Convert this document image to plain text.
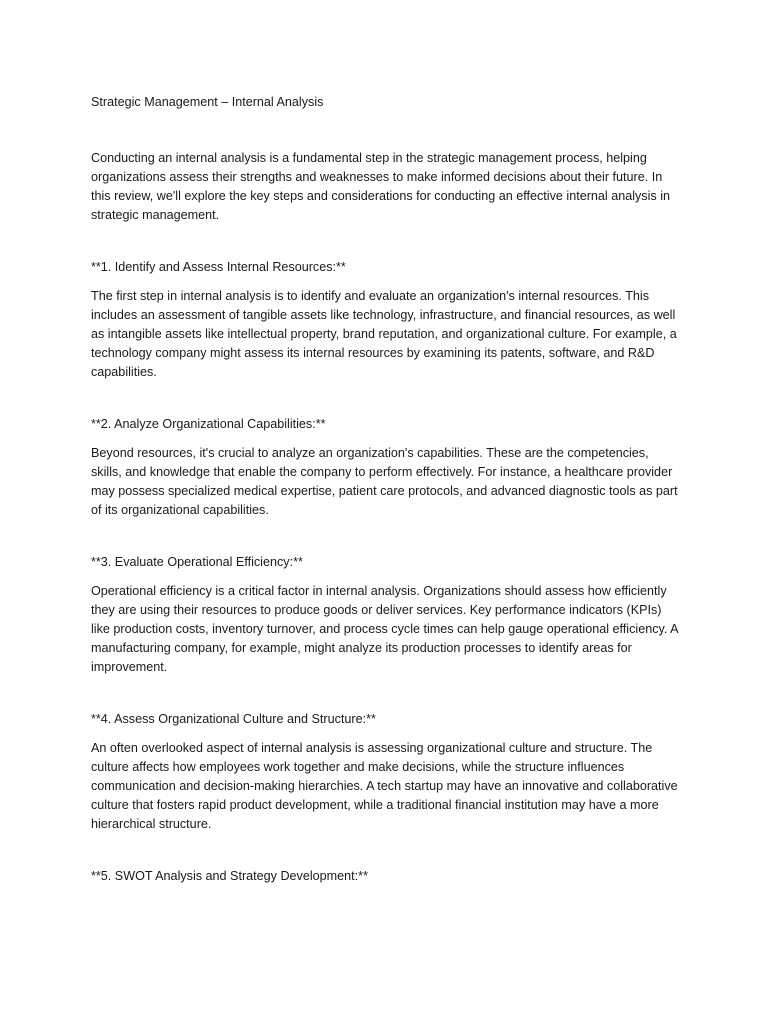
Strategic Management – Internal Analysis

Conducting an internal analysis is a fundamental step in the strategic management process, helping organizations assess their strengths and weaknesses to make informed decisions about their future. In this review, we'll explore the key steps and considerations for conducting an effective internal analysis in strategic management.

**1. Identify and Assess Internal Resources:**

The first step in internal analysis is to identify and evaluate an organization's internal resources. This includes an assessment of tangible assets like technology, infrastructure, and financial resources, as well as intangible assets like intellectual property, brand reputation, and organizational culture. For example, a technology company might assess its internal resources by examining its patents, software, and R&D capabilities.

**2. Analyze Organizational Capabilities:**

Beyond resources, it's crucial to analyze an organization's capabilities. These are the competencies, skills, and knowledge that enable the company to perform effectively. For instance, a healthcare provider may possess specialized medical expertise, patient care protocols, and advanced diagnostic tools as part of its organizational capabilities.

**3. Evaluate Operational Efficiency:**

Operational efficiency is a critical factor in internal analysis. Organizations should assess how efficiently they are using their resources to produce goods or deliver services. Key performance indicators (KPIs) like production costs, inventory turnover, and process cycle times can help gauge operational efficiency. A manufacturing company, for example, might analyze its production processes to identify areas for improvement.

**4. Assess Organizational Culture and Structure:**

An often overlooked aspect of internal analysis is assessing organizational culture and structure. The culture affects how employees work together and make decisions, while the structure influences communication and decision-making hierarchies. A tech startup may have an innovative and collaborative culture that fosters rapid product development, while a traditional financial institution may have a more hierarchical structure.

**5. SWOT Analysis and Strategy Development:**
